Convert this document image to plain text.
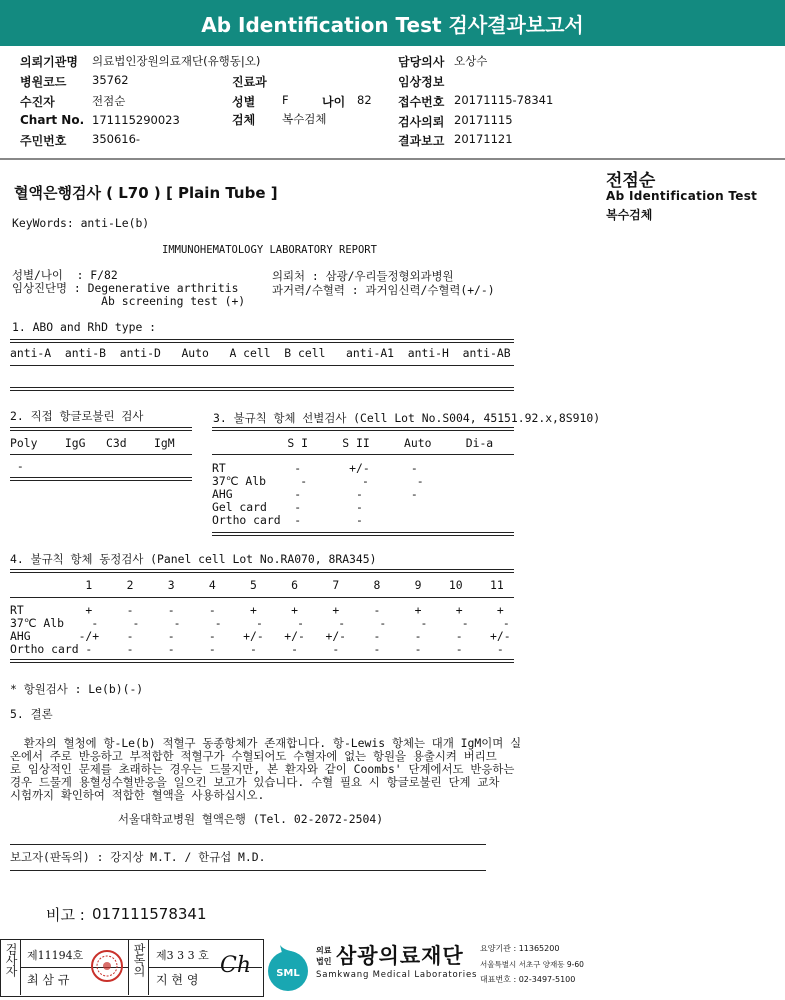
Ab Identification Test 검사결과보고서
의뢰기관명 의료법인장원의료재단(유행동|오)	담당의사 오상수
병원코드 35762	진료과	임상정보
수진자	전점순	성별 F	나이 82 접수번호 20171115-78341
Chart No. 171115290023	검체 복수검체	검사의뢰 20171115
주민번호 350616-	결과보고 20171121
혈액은행검사 ( L70 ) [ Plain Tube ]
전점순
Ab Identification Test
복수검체
KeyWords: anti-Le(b)
IMMUNOHEMATOLOGY LABORATORY REPORT
성별/나이  : F/82
임상진단명 : Degenerative arthritis
Ab screening test (+)
의뢰처 : 삼광/우리들정형외과병원
과거력/수혈력 : 과거임신력/수혈력(+/-)
1. ABO and RhD type :
anti-A  anti-B  anti-D   Auto   A cell  B cell   anti-A1  anti-H  anti-AB
2. 직접 항글로불린 검사
Poly    IgG   C3d    IgM
-
3. 불규칙 항체 선별검사 (Cell Lot No.S004, 45151.92.x,8S910)
S I     S II     Auto     Di-a
RT          -       +/-      -
37℃ Alb     -        -       -
AHG         -        -       -
Gel card    -        -
Ortho card  -        -
4. 불규칙 항체 동정검사 (Panel cell Lot No.RA070, 8RA345)
1     2     3     4     5     6     7     8     9    10    11
RT         +     -     -     -     +     +     +     -     +     +     +
37℃ Alb    -     -     -     -     -     -     -     -     -     -     -
AHG       -/+    -     -     -    +/-   +/-   +/-    -     -     -    +/-
Ortho card -     -     -     -     -     -     -     -     -     -     -
* 항원검사 : Le(b)(-)
5. 결론
환자의 혈청에 항-Le(b) 적혈구 동종항체가 존재합니다. 항-Lewis 항체는 대개 IgM이며 실
온에서 주로 반응하고 부적합한 적혈구가 수혈되어도 수혈자에 없는 항원을 용출시켜 버리므
로 임상적인 문제를 초래하는 경우는 드물지만, 본 환자와 같이 Coombs' 단계에서도 반응하는
경우 드물게 용혈성수혈반응을 일으킨 보고가 있습니다. 수혈 필요 시 항글로불린 단계 교차
시험까지 확인하여 적합한 혈액을 사용하십시오.
서울대학교병원 혈액은행 (Tel. 02-2072-2504)
보고자(판독의) : 강지상 M.T. / 한규섭 M.D.
비고 : 017111578341
검사자 제11194호
최 삼 규
판독의 제3 3 3 호
지 현 영
Ch	SML
의료
법인 삼광의료재단
Samkwang Medical Laboratories
요양기관 : 11365200
서울특별시 서초구 양재동 9-60
대표번호 : 02-3497-5100
